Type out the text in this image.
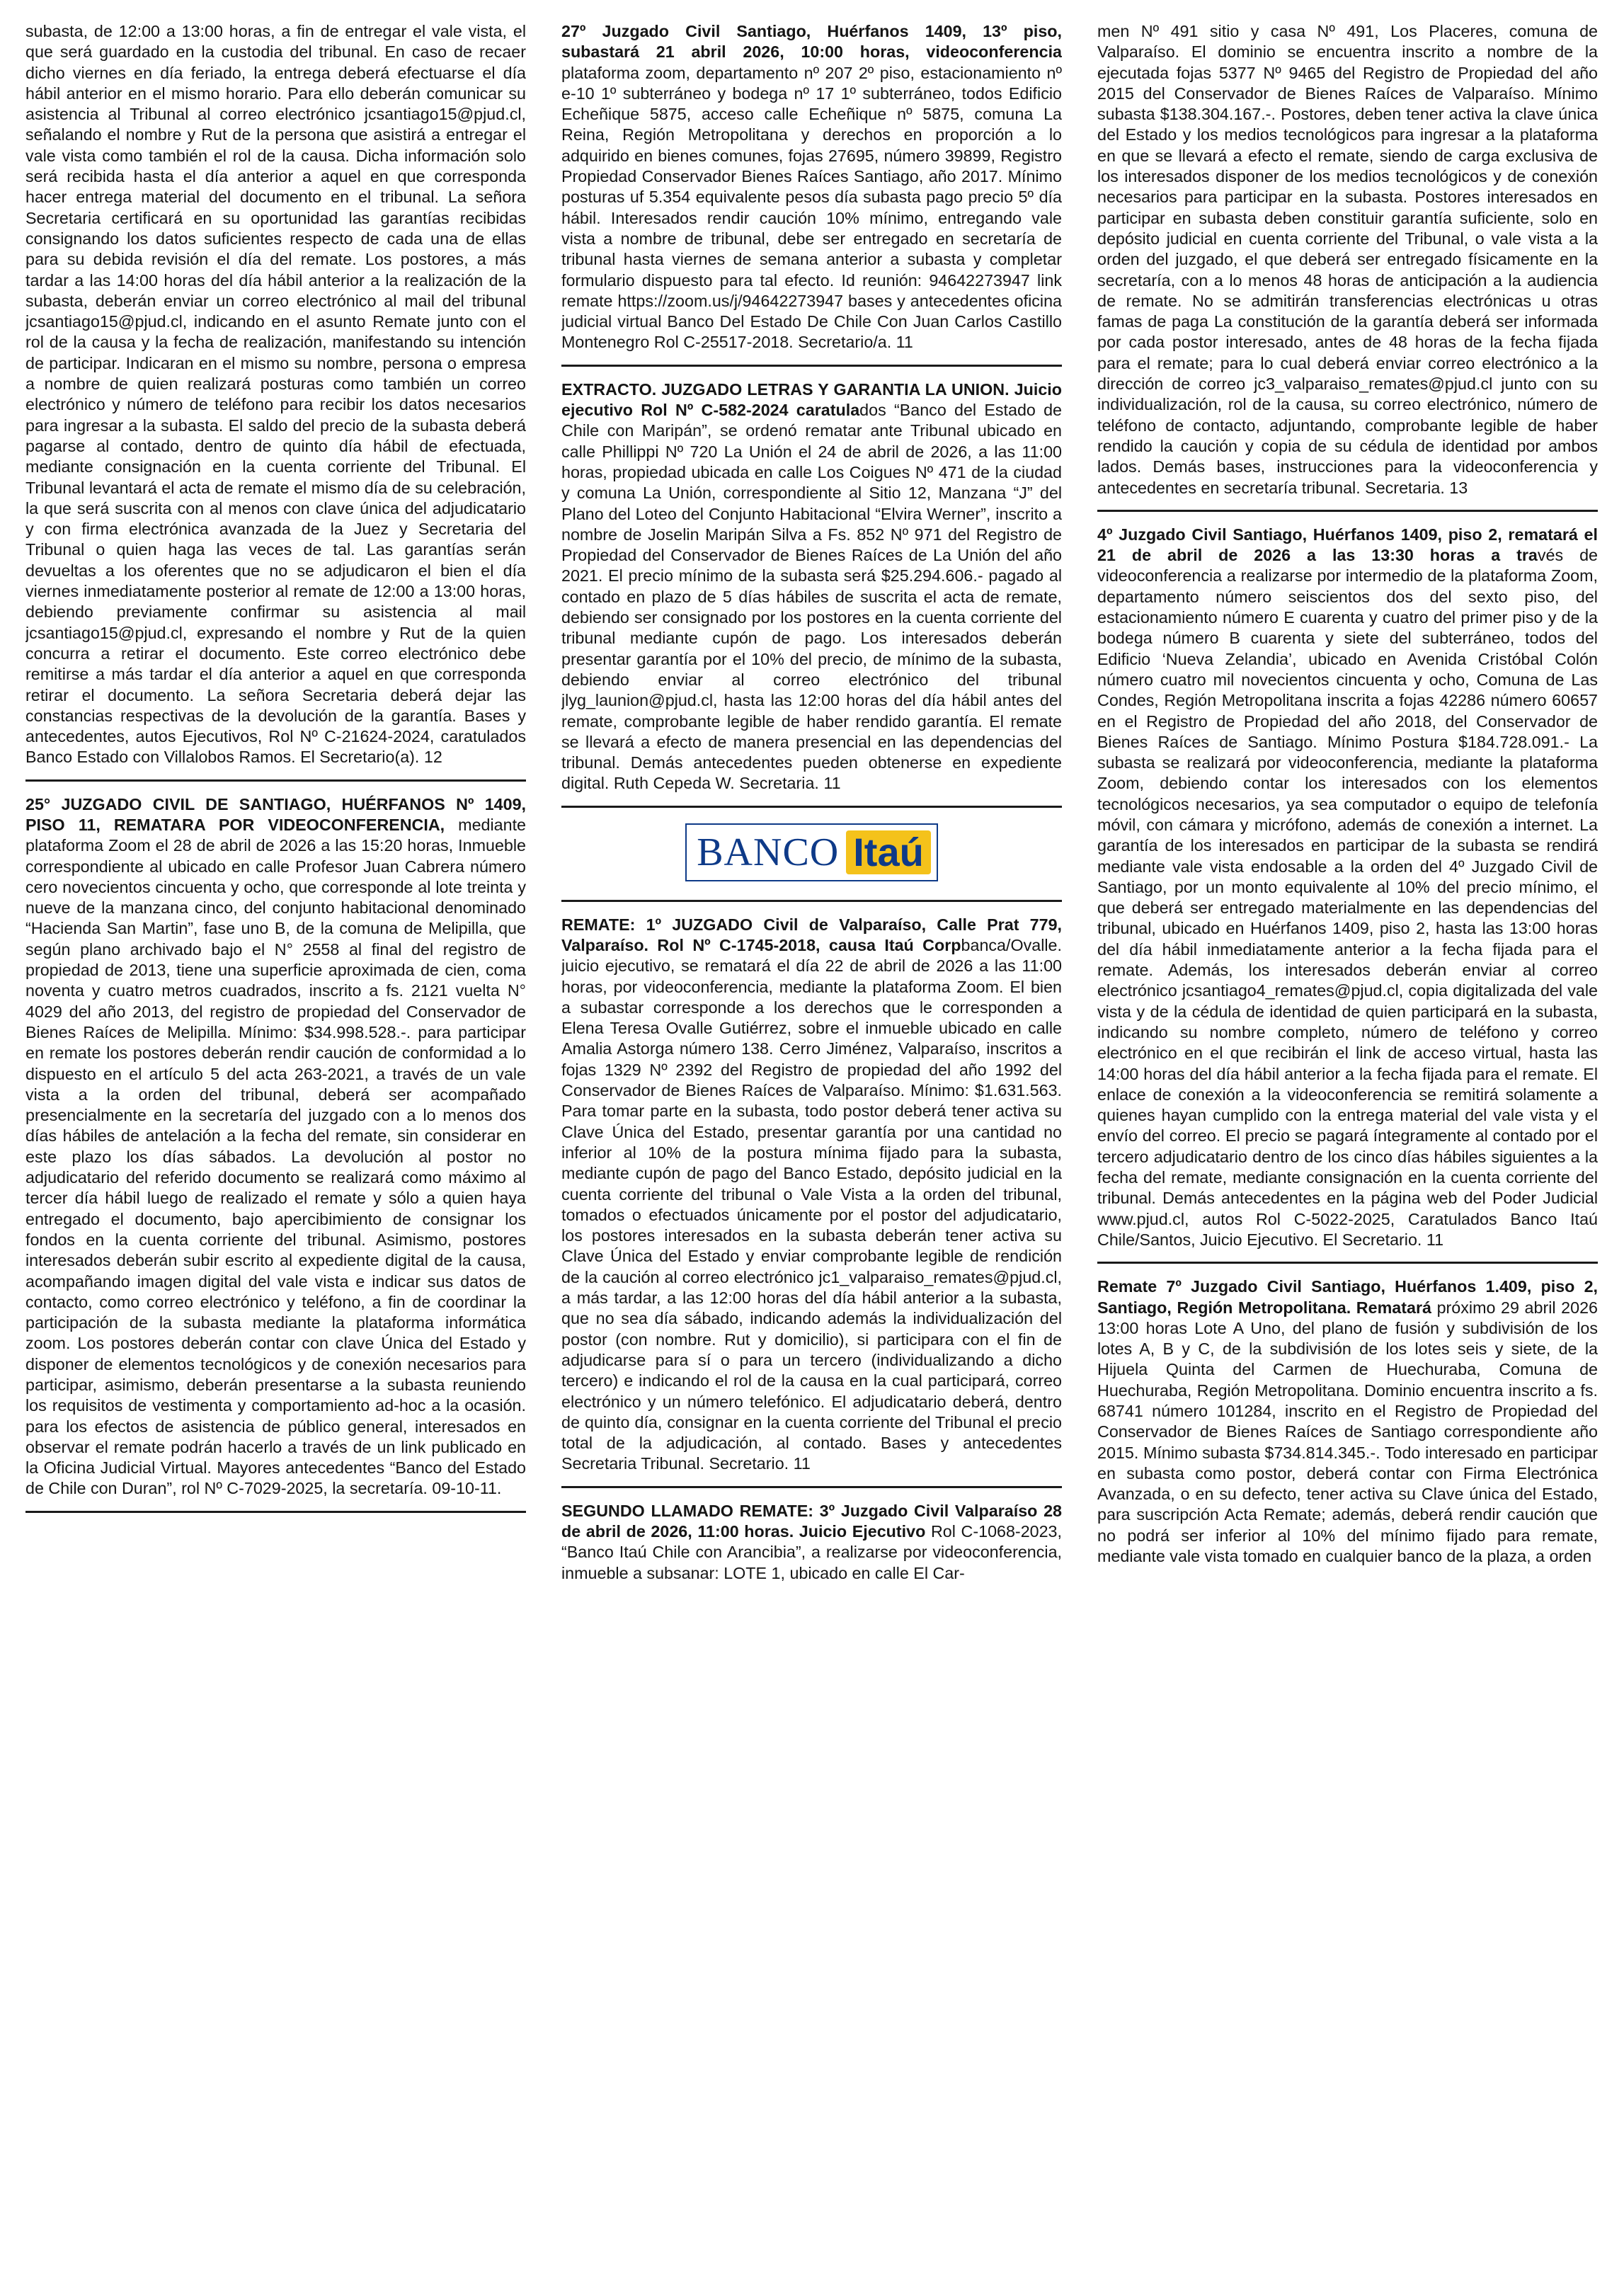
subasta, de 12:00 a 13:00 horas, a fin de entregar el vale vista, el que será guardado en la custodia del tribunal. En caso de recaer dicho viernes en día feriado, la entrega deberá efectuarse el día hábil anterior en el mismo horario. Para ello deberán comunicar su asistencia al Tribunal al correo electrónico jcsantiago15@pjud.cl, señalando el nombre y Rut de la persona que asistirá a entregar el vale vista como también el rol de la causa. Dicha información solo será recibida hasta el día anterior a aquel en que corresponda hacer entrega material del documento en el tribunal. La señora Secretaria certificará en su oportunidad las garantías recibidas consignando los datos suficientes respecto de cada una de ellas para su debida revisión el día del remate. Los postores, a más tardar a las 14:00 horas del día hábil anterior a la realización de la subasta, deberán enviar un correo electrónico al mail del tribunal jcsantiago15@pjud.cl, indicando en el asunto Remate junto con el rol de la causa y la fecha de realización, manifestando su intención de participar. Indicaran en el mismo su nombre, persona o empresa a nombre de quien realizará posturas como también un correo electrónico y número de teléfono para recibir los datos necesarios para ingresar a la subasta. El saldo del precio de la subasta deberá pagarse al contado, dentro de quinto día hábil de efectuada, mediante consignación en la cuenta corriente del Tribunal. El Tribunal levantará el acta de remate el mismo día de su celebración, la que será suscrita con al menos con clave única del adjudicatario y con firma electrónica avanzada de la Juez y Secretaria del Tribunal o quien haga las veces de tal. Las garantías serán devueltas a los oferentes que no se adjudicaron el bien el día viernes inmediatamente posterior al remate de 12:00 a 13:00 horas, debiendo previamente confirmar su asistencia al mail jcsantiago15@pjud.cl, expresando el nombre y Rut de la quien concurra a retirar el documento. Este correo electrónico debe remitirse a más tardar el día anterior a aquel en que corresponda retirar el documento. La señora Secretaria deberá dejar las constancias respectivas de la devolución de la garantía. Bases y antecedentes, autos Ejecutivos, Rol Nº C-21624-2024, caratulados Banco Estado con Villalobos Ramos. El Secretario(a). 12

25° JUZGADO CIVIL DE SANTIAGO, HUÉRFANOS Nº 1409, PISO 11, REMATARA POR VIDEOCONFERENCIA, mediante plataforma Zoom el 28 de abril de 2026 a las 15:20 horas, Inmueble correspondiente al ubicado en calle Profesor Juan Cabrera número cero novecientos cincuenta y ocho, que corresponde al lote treinta y nueve de la manzana cinco, del conjunto habitacional denominado “Hacienda San Martin”, fase uno B, de la comuna de Melipilla, que según plano archivado bajo el N° 2558 al final del registro de propiedad de 2013, tiene una superficie aproximada de cien, coma noventa y cuatro metros cuadrados, inscrito a fs. 2121 vuelta N° 4029 del año 2013, del registro de propiedad del Conservador de Bienes Raíces de Melipilla. Mínimo: $34.998.528.-. para participar en remate los postores deberán rendir caución de conformidad a lo dispuesto en el artículo 5 del acta 263-2021, a través de un vale vista a la orden del tribunal, deberá ser acompañado presencialmente en la secretaría del juzgado con a lo menos dos días hábiles de antelación a la fecha del remate, sin considerar en este plazo los días sábados. La devolución al postor no adjudicatario del referido documento se realizará como máximo al tercer día hábil luego de realizado el remate y sólo a quien haya entregado el documento, bajo apercibimiento de consignar los fondos en la cuenta corriente del tribunal. Asimismo, postores interesados deberán subir escrito al expediente digital de la causa, acompañando imagen digital del vale vista e indicar sus datos de contacto, como correo electrónico y teléfono, a fin de coordinar la participación de la subasta mediante la plataforma informática zoom. Los postores deberán contar con clave Única del Estado y disponer de elementos tecnológicos y de conexión necesarios para participar, asimismo, deberán presentarse a la subasta reuniendo los requisitos de vestimenta y comportamiento ad-hoc a la ocasión. para los efectos de asistencia de público general, interesados en observar el remate podrán hacerlo a través de un link publicado en la Oficina Judicial Virtual. Mayores antecedentes “Banco del Estado de Chile con Duran”, rol Nº C-7029-2025, la secretaría. 09-10-11.

27º Juzgado Civil Santiago, Huérfanos 1409, 13º piso, subastará 21 abril 2026, 10:00 horas, videoconferencia plataforma zoom, departamento nº 207 2º piso, estacionamiento nº e-10 1º subterráneo y bodega nº 17 1º subterráneo, todos Edificio Echeñique 5875, acceso calle Echeñique nº 5875, comuna La Reina, Región Metropolitana y derechos en proporción a lo adquirido en bienes comunes, fojas 27695, número 39899, Registro Propiedad Conservador Bienes Raíces Santiago, año 2017. Mínimo posturas uf 5.354 equivalente pesos día subasta pago precio 5º día hábil. Interesados rendir caución 10% mínimo, entregando vale vista a nombre de tribunal, debe ser entregado en secretaría de tribunal hasta viernes de semana anterior a subasta y completar formulario dispuesto para tal efecto. Id reunión: 94642273947 link remate https://zoom.us/j/94642273947 bases y antecedentes oficina judicial virtual Banco Del Estado De Chile Con Juan Carlos Castillo Montenegro Rol C-25517-2018. Secretario/a. 11

EXTRACTO. JUZGADO LETRAS Y GARANTIA LA UNION. Juicio ejecutivo Rol Nº C-582-2024 caratulados “Banco del Estado de Chile con Maripán”, se ordenó rematar ante Tribunal ubicado en calle Phillippi Nº 720 La Unión el 24 de abril de 2026, a las 11:00 horas, propiedad ubicada en calle Los Coigues Nº 471 de la ciudad y comuna La Unión, correspondiente al Sitio 12, Manzana “J” del Plano del Loteo del Conjunto Habitacional “Elvira Werner”, inscrito a nombre de Joselin Maripán Silva a Fs. 852 Nº 971 del Registro de Propiedad del Conservador de Bienes Raíces de La Unión del año 2021. El precio mínimo de la subasta será $25.294.606.- pagado al contado en plazo de 5 días hábiles de suscrita el acta de remate, debiendo ser consignado por los postores en la cuenta corriente del tribunal mediante cupón de pago. Los interesados deberán presentar garantía por el 10% del precio, de mínimo de la subasta, debiendo enviar al correo electrónico del tribunal jlyg_launion@pjud.cl, hasta las 12:00 horas del día hábil antes del remate, comprobante legible de haber rendido garantía. El remate se llevará a efecto de manera presencial en las dependencias del tribunal. Demás antecedentes pueden obtenerse en expediente digital. Ruth Cepeda W. Secretaria. 11

BANCO Itaú

REMATE: 1º JUZGADO Civil de Valparaíso, Calle Prat 779, Valparaíso. Rol Nº C-1745-2018, causa Itaú Corpbanca/Ovalle. juicio ejecutivo, se rematará el día 22 de abril de 2026 a las 11:00 horas, por videoconferencia, mediante la plataforma Zoom. El bien a subastar corresponde a los derechos que le corresponden a Elena Teresa Ovalle Gutiérrez, sobre el inmueble ubicado en calle Amalia Astorga número 138. Cerro Jiménez, Valparaíso, inscritos a fojas 1329 Nº 2392 del Registro de propiedad del año 1992 del Conservador de Bienes Raíces de Valparaíso. Mínimo: $1.631.563. Para tomar parte en la subasta, todo postor deberá tener activa su Clave Única del Estado, presentar garantía por una cantidad no inferior al 10% de la postura mínima fijado para la subasta, mediante cupón de pago del Banco Estado, depósito judicial en la cuenta corriente del tribunal o Vale Vista a la orden del tribunal, tomados o efectuados únicamente por el postor del adjudicatario, los postores interesados en la subasta deberán tener activa su Clave Única del Estado y enviar comprobante legible de rendición de la caución al correo electrónico jc1_valparaiso_remates@pjud.cl, a más tardar, a las 12:00 horas del día hábil anterior a la subasta, que no sea día sábado, indicando además la individualización del postor (con nombre. Rut y domicilio), si participara con el fin de adjudicarse para sí o para un tercero (individualizando a dicho tercero) e indicando el rol de la causa en la cual participará, correo electrónico y un número telefónico. El adjudicatario deberá, dentro de quinto día, consignar en la cuenta corriente del Tribunal el precio total de la adjudicación, al contado. Bases y antecedentes Secretaria Tribunal. Secretario. 11

SEGUNDO LLAMADO REMATE: 3º Juzgado Civil Valparaíso 28 de abril de 2026, 11:00 horas. Juicio Ejecutivo Rol C-1068-2023, “Banco Itaú Chile con Arancibia”, a realizarse por videoconferencia, inmueble a subsanar: LOTE 1, ubicado en calle El Car-

men Nº 491 sitio y casa Nº 491, Los Placeres, comuna de Valparaíso. El dominio se encuentra inscrito a nombre de la ejecutada fojas 5377 Nº 9465 del Registro de Propiedad del año 2015 del Conservador de Bienes Raíces de Valparaíso. Mínimo subasta $138.304.167.-. Postores, deben tener activa la clave única del Estado y los medios tecnológicos para ingresar a la plataforma en que se llevará a efecto el remate, siendo de carga exclusiva de los interesados disponer de los medios tecnológicos y de conexión necesarios para participar en la subasta. Postores interesados en participar en subasta deben constituir garantía suficiente, solo en depósito judicial en cuenta corriente del Tribunal, o vale vista a la orden del juzgado, el que deberá ser entregado físicamente en la secretaría, con a lo menos 48 horas de anticipación a la audiencia de remate. No se admitirán transferencias electrónicas u otras famas de paga La constitución de la garantía deberá ser informada por cada postor interesado, antes de 48 horas de la fecha fijada para el remate; para lo cual deberá enviar correo electrónico a la dirección de correo jc3_valparaiso_remates@pjud.cl junto con su individualización, rol de la causa, su correo electrónico, número de teléfono de contacto, adjuntando, comprobante legible de haber rendido la caución y copia de su cédula de identidad por ambos lados. Demás bases, instrucciones para la videoconferencia y antecedentes en secretaría tribunal. Secretaria. 13

4º Juzgado Civil Santiago, Huérfanos 1409, piso 2, rematará el 21 de abril de 2026 a las 13:30 horas a través de videoconferencia a realizarse por intermedio de la plataforma Zoom, departamento número seiscientos dos del sexto piso, del estacionamiento número E cuarenta y cuatro del primer piso y de la bodega número B cuarenta y siete del subterráneo, todos del Edificio ‘Nueva Zelandia’, ubicado en Avenida Cristóbal Colón número cuatro mil novecientos cincuenta y ocho, Comuna de Las Condes, Región Metropolitana inscrita a fojas 42286 número 60657 en el Registro de Propiedad del año 2018, del Conservador de Bienes Raíces de Santiago. Mínimo Postura $184.728.091.- La subasta se realizará por videoconferencia, mediante la plataforma Zoom, debiendo contar los interesados con los elementos tecnológicos necesarios, ya sea computador o equipo de telefonía móvil, con cámara y micrófono, además de conexión a internet. La garantía de los interesados en participar de la subasta se rendirá mediante vale vista endosable a la orden del 4º Juzgado Civil de Santiago, por un monto equivalente al 10% del precio mínimo, el que deberá ser entregado materialmente en las dependencias del tribunal, ubicado en Huérfanos 1409, piso 2, hasta las 13:00 horas del día hábil inmediatamente anterior a la fecha fijada para el remate. Además, los interesados deberán enviar al correo electrónico jcsantiago4_remates@pjud.cl, copia digitalizada del vale vista y de la cédula de identidad de quien participará en la subasta, indicando su nombre completo, número de teléfono y correo electrónico en el que recibirán el link de acceso virtual, hasta las 14:00 horas del día hábil anterior a la fecha fijada para el remate. El enlace de conexión a la videoconferencia se remitirá solamente a quienes hayan cumplido con la entrega material del vale vista y el envío del correo. El precio se pagará íntegramente al contado por el tercero adjudicatario dentro de los cinco días hábiles siguientes a la fecha del remate, mediante consignación en la cuenta corriente del tribunal. Demás antecedentes en la página web del Poder Judicial www.pjud.cl, autos Rol C-5022-2025, Caratulados Banco Itaú Chile/Santos, Juicio Ejecutivo. El Secretario. 11

Remate 7º Juzgado Civil Santiago, Huérfanos 1.409, piso 2, Santiago, Región Metropolitana. Rematará próximo 29 abril 2026 13:00 horas Lote A Uno, del plano de fusión y subdivisión de los lotes A, B y C, de la subdivisión de los lotes seis y siete, de la Hijuela Quinta del Carmen de Huechuraba, Comuna de Huechuraba, Región Metropolitana. Dominio encuentra inscrito a fs. 68741 número 101284, inscrito en el Registro de Propiedad del Conservador de Bienes Raíces de Santiago correspondiente año 2015. Mínimo subasta $734.814.345.-. Todo interesado en participar en subasta como postor, deberá contar con Firma Electrónica Avanzada, o en su defecto, tener activa su Clave única del Estado, para suscripción Acta Remate; además, deberá rendir caución que no podrá ser inferior al 10% del mínimo fijado para remate, mediante vale vista tomado en cualquier banco de la plaza, a orden
